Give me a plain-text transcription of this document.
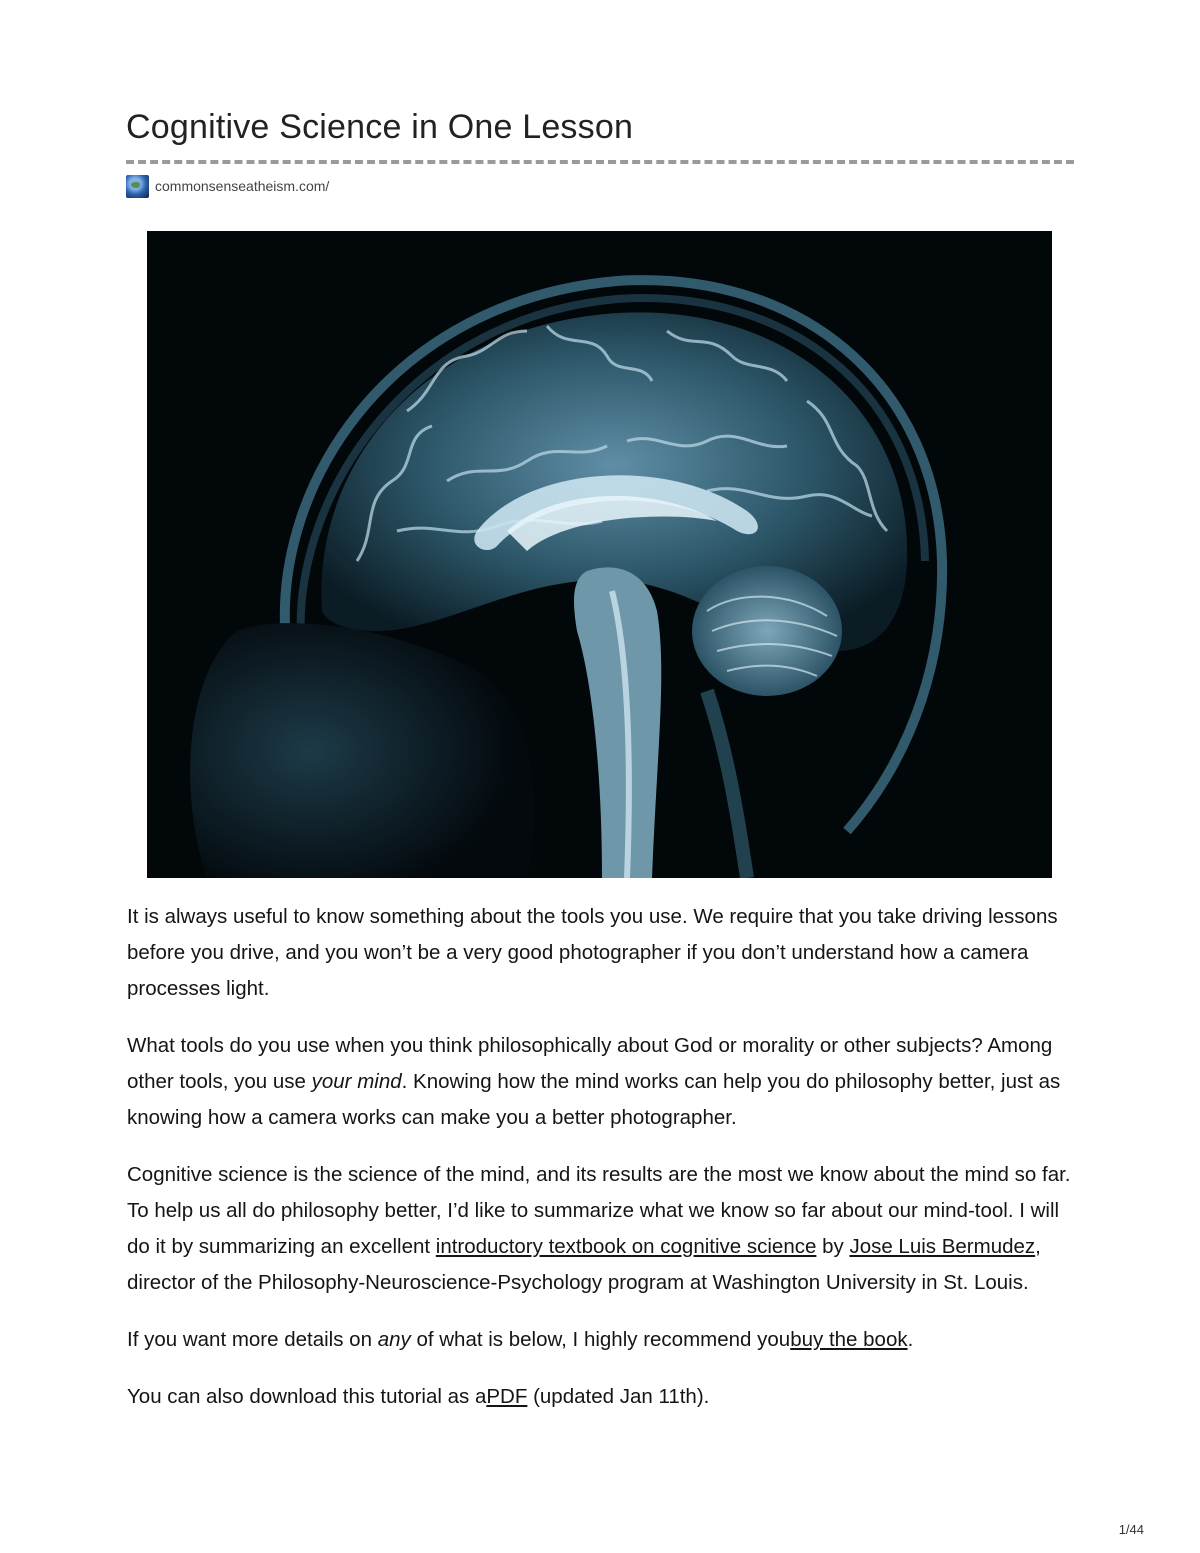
Cognitive Science in One Lesson
commonsenseatheism.com/

It is always useful to know something about the tools you use. We require that you take driving lessons before you drive, and you won’t be a very good photographer if you don’t understand how a camera processes light.

What tools do you use when you think philosophically about God or morality or other subjects? Among other tools, you use your mind. Knowing how the mind works can help you do philosophy better, just as knowing how a camera works can make you a better photographer.

Cognitive science is the science of the mind, and its results are the most we know about the mind so far. To help us all do philosophy better, I’d like to summarize what we know so far about our mind-tool. I will do it by summarizing an excellent introductory textbook on cognitive science by Jose Luis Bermudez, director of the Philosophy-Neuroscience-Psychology program at Washington University in St. Louis.

If you want more details on any of what is below, I highly recommend youbuy the book.

You can also download this tutorial as aPDF (updated Jan 11th).

1/44
